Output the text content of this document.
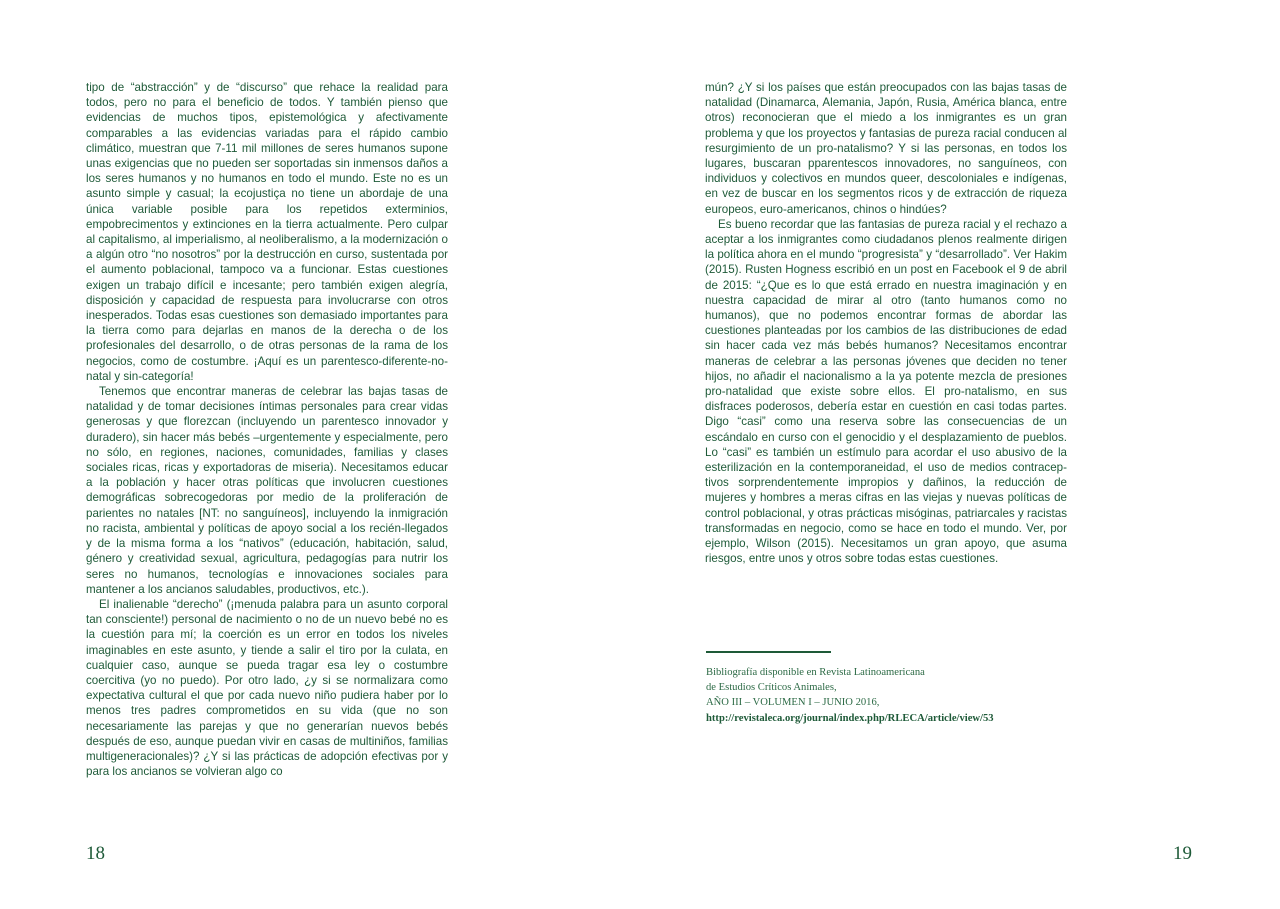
tipo de “abstracción” y de “discurso” que rehace la realidad para todos, pero no para el beneficio de todos. Y también pienso que evidencias de muchos tipos, epistemológica y afectivamente comparables a las evidencias variadas para el rápido cambio climático, muestran que 7-11 mil millones de seres humanos supone unas exigencias que no pueden ser soportadas sin inmensos daños a los seres humanos y no humanos en todo el mundo. Este no es un asunto simple y casual; la ecojustiça no tiene un abordaje de una única variable posible para los repetidos exterminios, empobrecimentos y extinciones en la tierra actualmente. Pero culpar al capitalismo, al imperialismo, al neoliberalismo, a la modernización o a algún otro “no nosotros” por la destrucción en curso, sustentada por el aumento poblacional, tampoco va a funcionar. Estas cuestiones exigen un trabajo difícil e incesante; pero también exigen alegría, disposición y capacidad de respuesta para involucrarse con otros inesperados. Todas esas cuestiones son demasiado importantes para la tierra como para dejarlas en manos de la derecha o de los profesionales del desarrollo, o de otras personas de la rama de los negocios, como de costumbre. ¡Aquí es un parentesco-diferente-no-natal y sin-categoría!

Tenemos que encontrar maneras de celebrar las bajas tasas de natalidad y de tomar decisiones íntimas personales para crear vidas generosas y que florezcan (incluyendo un parentesco innovador y duradero), sin hacer más bebés –urgentemente y especialmente, pero no sólo, en regiones, naciones, comunidades, familias y clases sociales ricas, ricas y exportadoras de miseria). Necesitamos educar a la población y hacer otras políticas que involucren cuestiones demográficas sobrecogedoras por medio de la proliferación de parientes no natales [NT: no sanguíneos], incluyendo la inmigración no racista, ambiental y políticas de apoyo social a los recién-llegados y de la misma forma a los “nativos” (educación, habitación, salud, género y creatividad sexual, agricultura, pedagogías para nutrir los seres no humanos, tecnologías e innovaciones sociales para mantener a los ancianos saludables, productivos, etc.).

El inalienable “derecho” (¡menuda palabra para un asunto corporal tan consciente!) personal de nacimiento o no de un nuevo bebé no es la cuestión para mí; la coerción es un error en todos los niveles imaginables en este asunto, y tiende a salir el tiro por la culata, en cualquier caso, aunque se pueda tragar esa ley o costumbre coercitiva (yo no puedo). Por otro lado, ¿y si se normalizara como expectativa cultural el que por cada nuevo niño pudiera haber por lo menos tres padres comprometidos en su vida (que no son necesariamente las parejas y que no generarían nuevos bebés después de eso, aunque puedan vivir en casas de multiniños, familias multigeneracionales)? ¿Y si las prácticas de adopción efectivas por y para los ancianos se volvieran algo co

18

mún? ¿Y si los países que están preocupados con las bajas tasas de natalidad (Dinamarca, Alemania, Japón, Rusia, América blanca, entre otros) reconocieran que el miedo a los inmigrantes es un gran problema y que los proyectos y fantasias de pureza racial conducen al resurgimiento de un pro-natalismo? Y si las personas, en todos los lugares, buscaran pparentescos innovadores, no sanguíneos, con individuos y colectivos en mundos queer, descoloniales e indígenas, en vez de buscar en los segmentos ricos y de extracción de riqueza europeos, euro-americanos, chinos o hindúes?

Es bueno recordar que las fantasias de pureza racial y el rechazo a aceptar a los inmigrantes como ciudadanos plenos realmente dirigen la política ahora en el mundo “progresista” y “desarrollado”. Ver Hakim (2015). Rusten Hogness escribió en un post en Facebook el 9 de abril de 2015: “¿Que es lo que está errado en nuestra imaginación y en nuestra capacidad de mirar al otro (tanto humanos como no humanos), que no podemos encontrar formas de abordar las cuestiones planteadas por los cambios de las distribuciones de edad sin hacer cada vez más bebés humanos? Necesitamos encontrar maneras de celebrar a las personas jóvenes que deciden no tener hijos, no añadir el nacionalismo a la ya potente mezcla de presiones pro-natalidad que existe sobre ellos. El pro-natalismo, en sus disfraces poderosos, debería estar en cuestión en casi todas partes. Digo “casi” como una reserva sobre las consecuencias de un escándalo en curso con el genocidio y el desplazamiento de pueblos. Lo “casi” es también un estímulo para acordar el uso abusivo de la esterilización en la contemporaneidad, el uso de medios contraceptivos sorprendentemente impropios y dañinos, la reducción de mujeres y hombres a meras cifras en las viejas y nuevas políticas de control poblacional, y otras prácticas misóginas, patriarcales y racistas transformadas en negocio, como se hace en todo el mundo. Ver, por ejemplo, Wilson (2015). Necesitamos un gran apoyo, que asuma riesgos, entre unos y otros sobre todas estas cuestiones.

Bibliografía disponible en Revista Latinoamericana
de Estudios Críticos Animales,
AÑO III – VOLUMEN I – JUNIO 2016,
http://revistaleca.org/journal/index.php/RLECA/article/view/53
19
